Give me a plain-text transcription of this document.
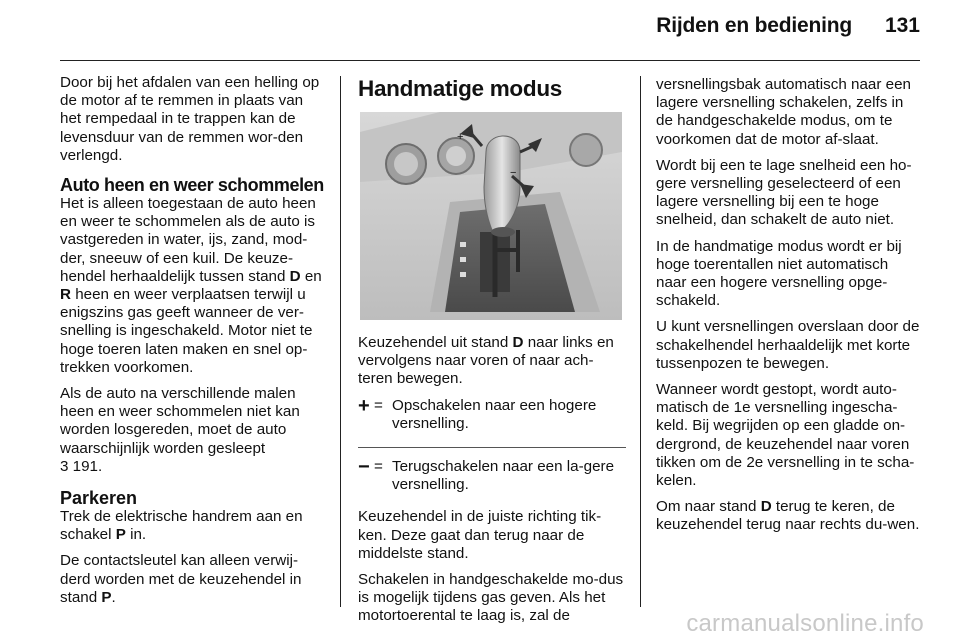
Rijden en bediening 131

Door bij het afdalen van een helling op de motor af te remmen in plaats van het rempedaal in te trappen kan de levensduur van de remmen wor-den verlengd.

Auto heen en weer schommelen

Het is alleen toegestaan de auto heen en weer te schommelen als de auto is vastgereden in water, ijs, zand, mod-der, sneeuw of een kuil. De keuze-hendel herhaaldelijk tussen stand D en R heen en weer verplaatsen terwijl u enigszins gas geeft wanneer de ver-snelling is ingeschakeld. Motor niet te hoge toeren laten maken en snel op-trekken voorkomen.

Als de auto na verschillende malen heen en weer schommelen niet kan worden losgereden, moet de auto waarschijnlijk worden gesleept
3 191.

Parkeren

Trek de elektrische handrem aan en schakel P in.

De contactsleutel kan alleen verwij-derd worden met de keuzehendel in stand P.

Handmatige modus
+
−

Keuzehendel uit stand D naar links en vervolgens naar voren of naar ach-teren bewegen.

+ = Opschakelen naar een hogere versnelling.
− = Terugschakelen naar een la-gere versnelling.

Keuzehendel in de juiste richting tik-ken. Deze gaat dan terug naar de middelste stand.

Schakelen in handgeschakelde mo-dus is mogelijk tijdens gas geven. Als het motortoerental te laag is, zal de

versnellingsbak automatisch naar een lagere versnelling schakelen, zelfs in de handgeschakelde modus, om te voorkomen dat de motor af-slaat.

Wordt bij een te lage snelheid een ho-gere versnelling geselecteerd of een lagere versnelling bij een te hoge snelheid, dan schakelt de auto niet.

In de handmatige modus wordt er bij hoge toerentallen niet automatisch naar een hogere versnelling opge-schakeld.

U kunt versnellingen overslaan door de schakelhendel herhaaldelijk met korte tussenpozen te bewegen.

Wanneer wordt gestopt, wordt auto-matisch de 1e versnelling ingescha-keld. Bij wegrijden op een gladde on-dergrond, de keuzehendel naar voren tikken om de 2e versnelling in te scha-kelen.

Om naar stand D terug te keren, de keuzehendel terug naar rechts du-wen.

carmanualsonline.info
